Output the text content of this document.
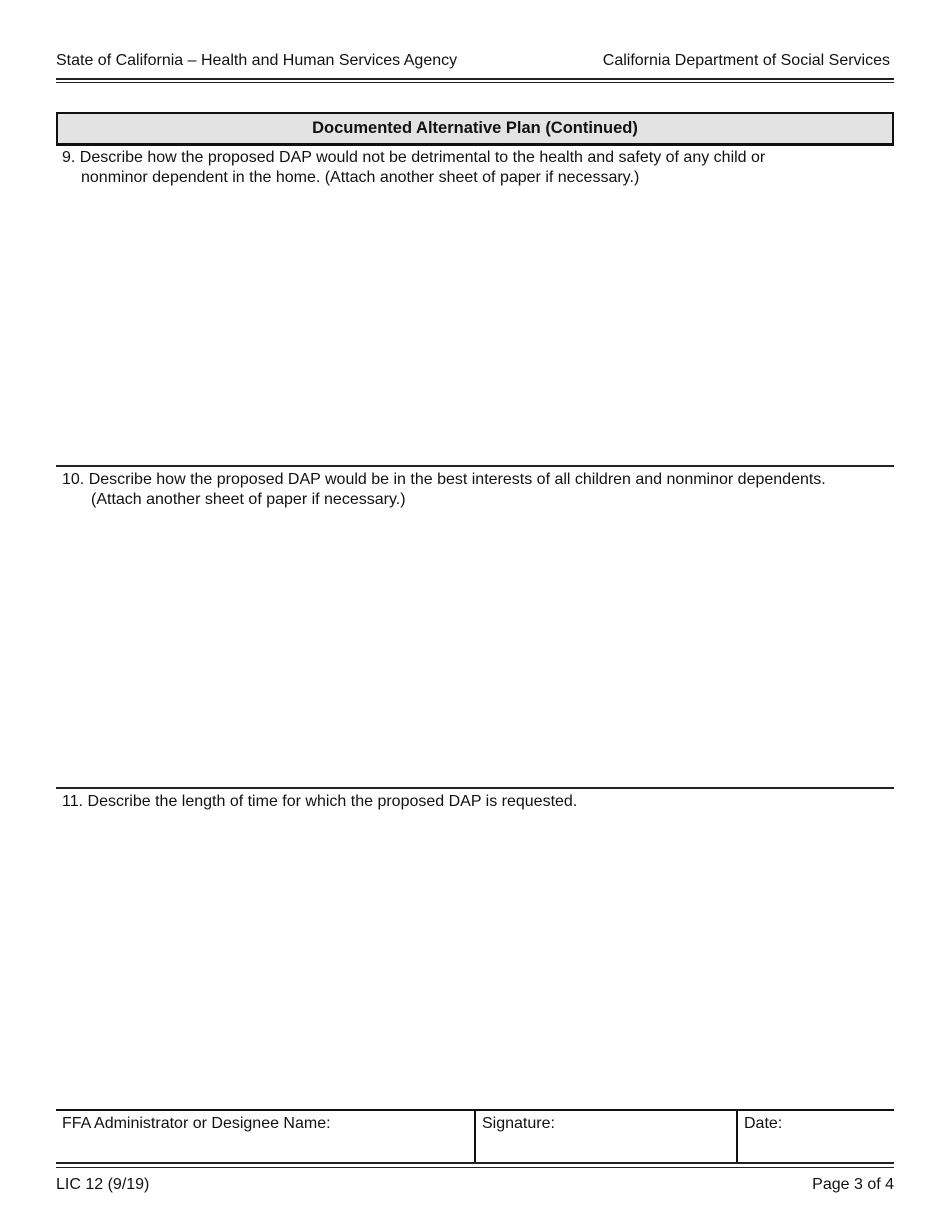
State of California – Health and Human Services Agency	California Department of Social Services
Documented Alternative Plan (Continued)
9. Describe how the proposed DAP would not be detrimental to the health and safety of any child or
nonminor dependent in the home. (Attach another sheet of paper if necessary.)
10. Describe how the proposed DAP would be in the best interests of all children and nonminor dependents.
(Attach another sheet of paper if necessary.)
11. Describe the length of time for which the proposed DAP is requested.
FFA Administrator or Designee Name:	Signature:	Date:
LIC 12 (9/19)	Page 3 of 4
